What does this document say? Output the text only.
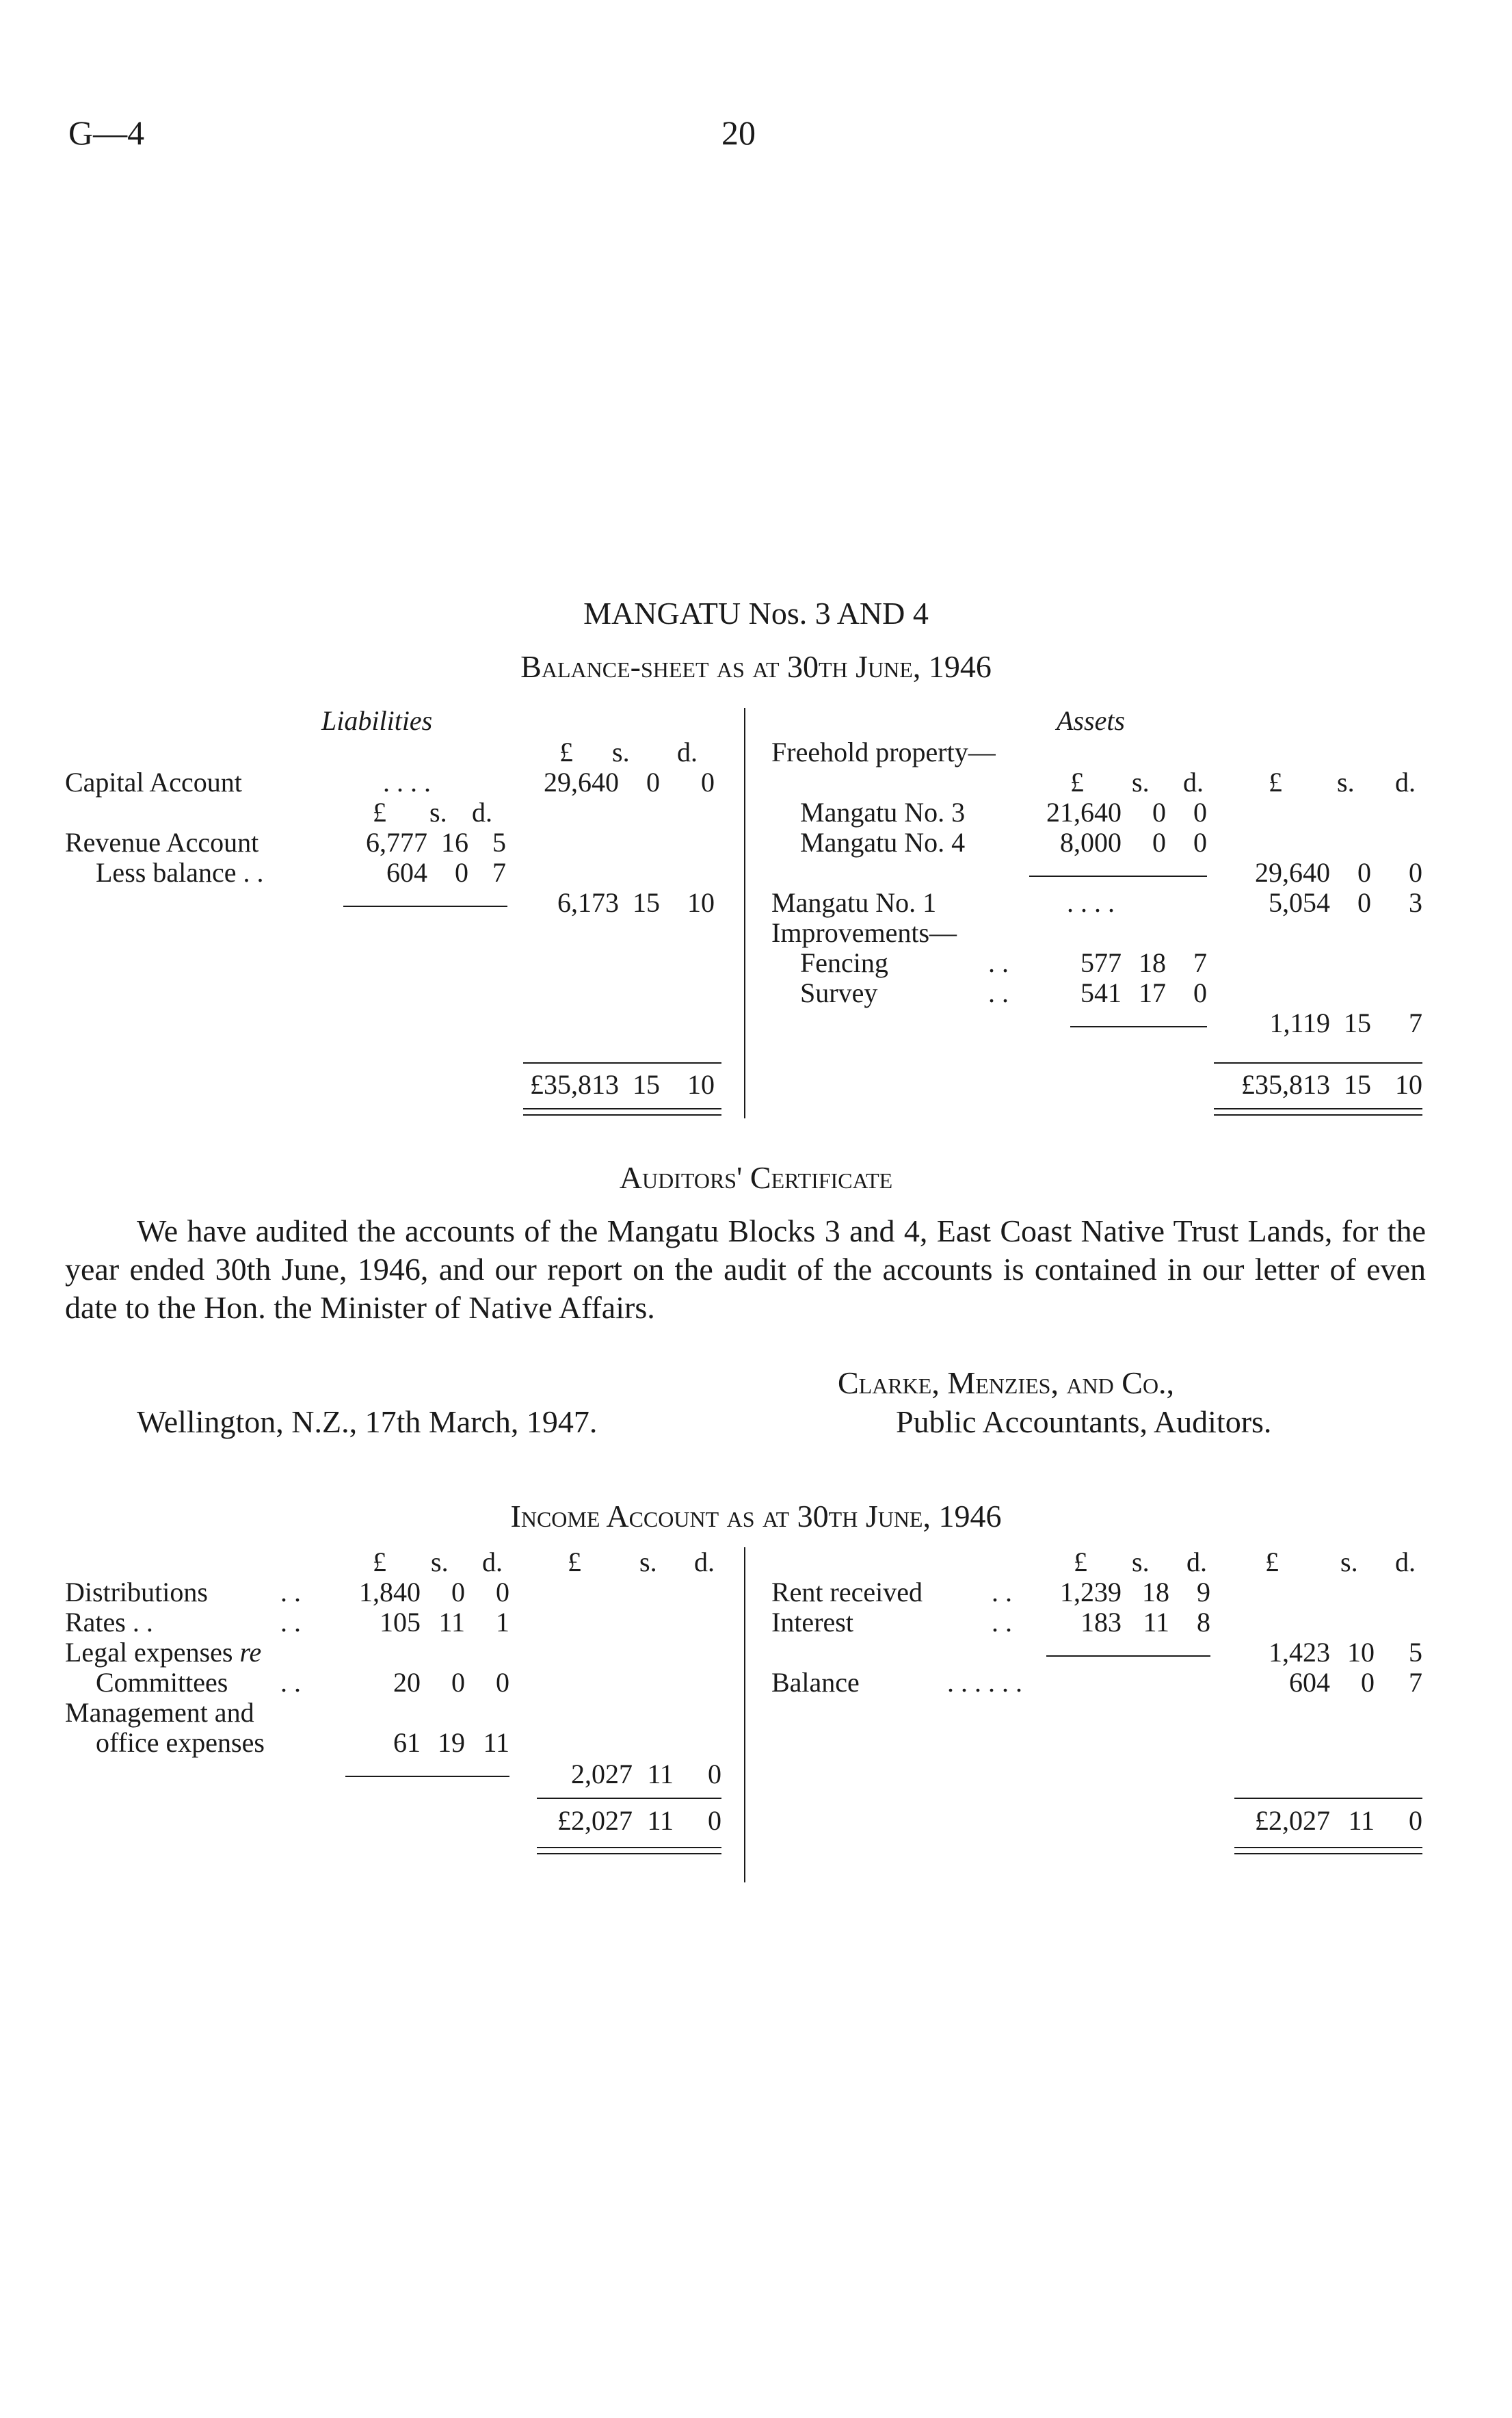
G—4	20
MANGATU Nos. 3 AND 4
Balance-sheet as at 30th June, 1946
Liabilities
£ s. d.
Capital Account	. . . .	29,640	0	0
£ s. d.
Revenue Account	6,777 16 5
Less balance . .	604	0 7
6,173 15	10
£35,813 15	10
Assets
Freehold property—
£ s. d. £ s. d.
Mangatu No. 3	21,640	0	0
Mangatu No. 4	8,000	0	0
29,640	0	0
Mangatu No. 1	. . . .	5,054	0	3
Improvements—
Fencing	. .	577 18	7
Survey	. .	541 17	0
1,119 15	7
£35,813 15 10
Auditors' Certificate
We have audited the accounts of the Mangatu Blocks 3 and 4, East Coast Native Trust Lands, for the year ended 30th June, 1946, and our report on the audit of the accounts is contained in our letter of even date to the Hon. the Minister of Native Affairs.
Clarke, Menzies, and Co.,
Wellington, N.Z., 17th March, 1947.	Public Accountants, Auditors.
Income Account as at 30th June, 1946
£ s. d. £ s. d.
Distributions	. .	1,840	0	0
Rates . .	. .	105 11	1
Legal expenses re
Committees . .	20	0	0
Management and
office expenses	61 19 11
2,027 11	0
£2,027 11	0
£ s. d. £ s. d.
Rent received	. .	1,239 18	9
Interest	. .	183 11	8
1,423 10	5
Balance	. . . . . .	604	0	7
£2,027 11	0
